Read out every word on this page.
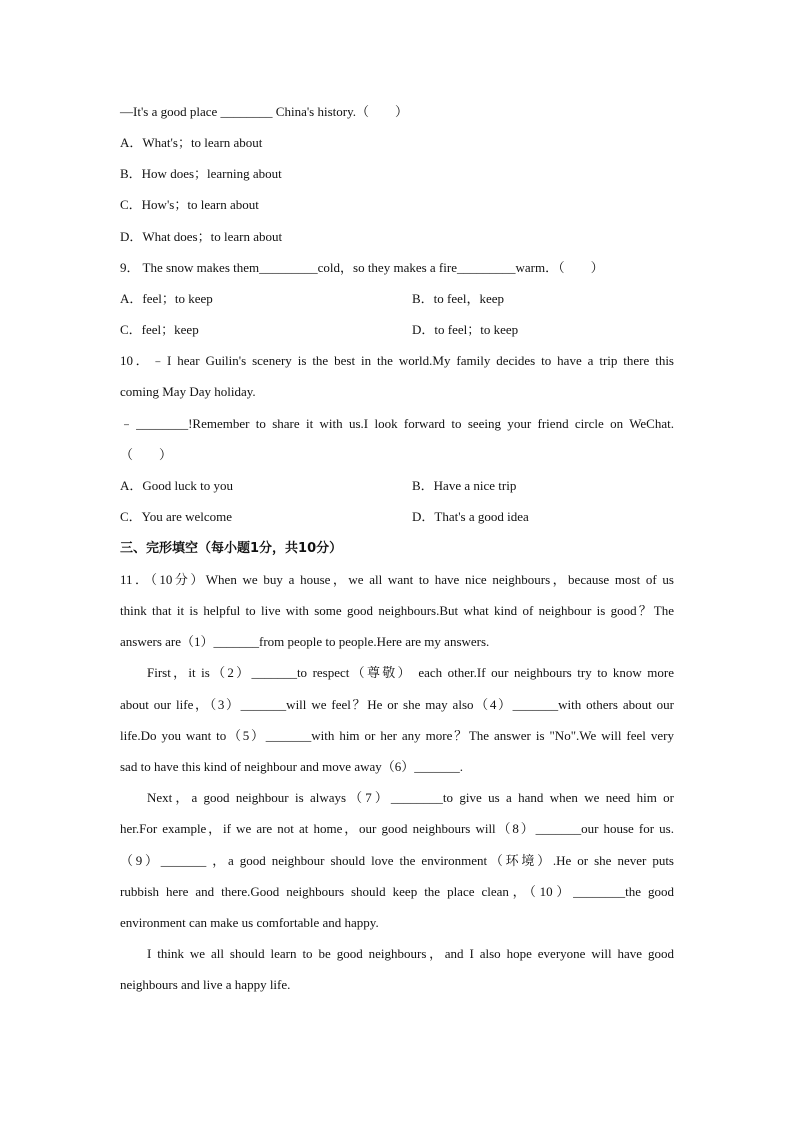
—It's a good place ________ China's history.（　　）
A．What's；to learn about
B．How does；learning about
C．How's；to learn about
D．What does；to learn about
9． The snow makes them_________cold，so they makes a fire_________warm．（　　）
A．feel；to keep	B．to feel，keep
C．feel；keep	D．to feel；to keep
10．﹣I hear Guilin's scenery is the best in the world.My family decides to have a trip there this
coming May Day holiday.
﹣________!Remember to share it with us.I look forward to seeing your friend circle on WeChat.
（　　）
A．Good luck to you	B．Have a nice trip
C．You are welcome	D．That's a good idea
三、完形填空（每小题1分，共10分）
11．（10分）When we buy a house，we all want to have nice neighbours，because most of us
think that it is helpful to live with some good neighbours.But what kind of neighbour is good？The
answers are（1）_______from people to people.Here are my answers.
First，it is（2）_______to respect（尊敬） each other.If our neighbours try to know more
about our life，（3）_______will we feel？He or she may also（4）_______with others about our
life.Do you want to（5）_______with him or her any more？The answer is "No".We will feel very
sad to have this kind of neighbour and move away（6）_______.
Next，a good neighbour is always（7）________to give us a hand when we need him or
her.For example，if we are not at home，our good neighbours will（8）_______our house for us.
（9）_______ ，a good neighbour should love the environment（环境）.He or she never puts
rubbish here and there.Good neighbours should keep the place clean，（10）________the good
environment can make us comfortable and happy.
I think we all should learn to be good neighbours，and I also hope everyone will have good
neighbours and live a happy life.
